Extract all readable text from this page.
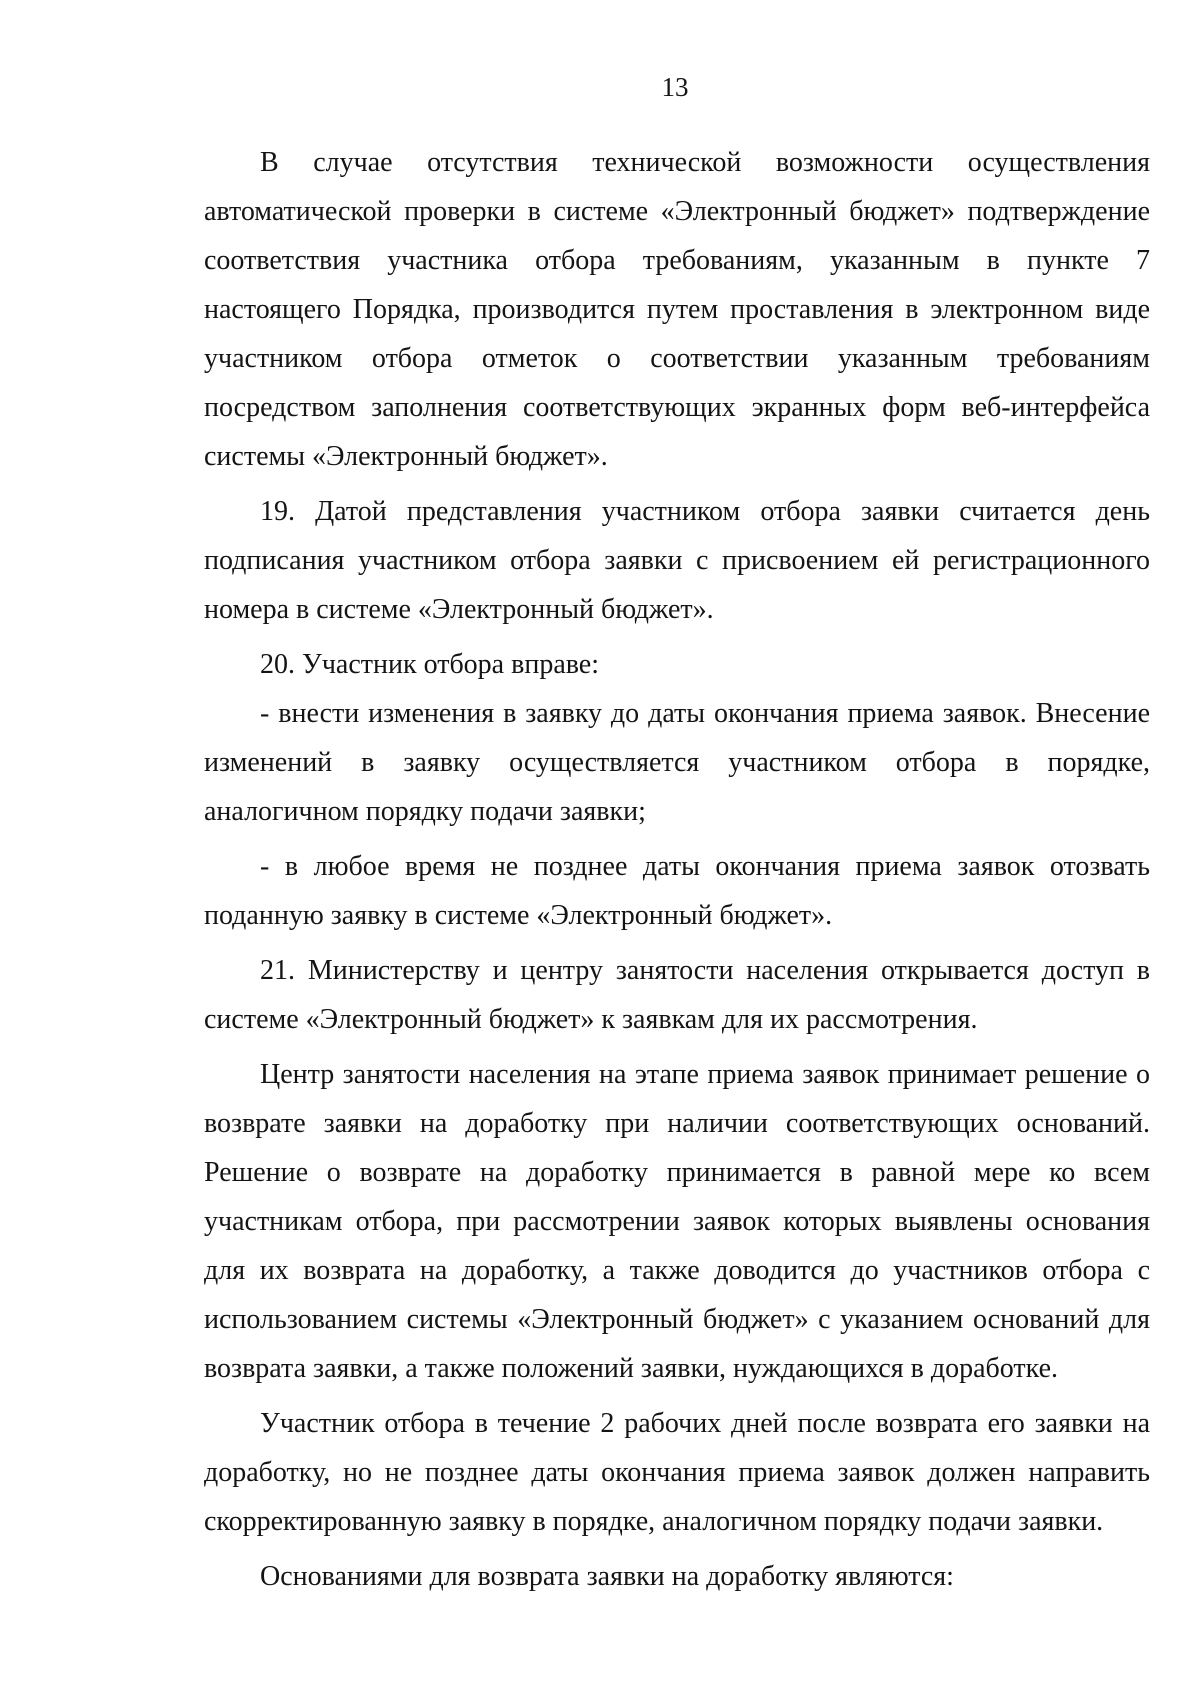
13

В случае отсутствия технической возможности осуществления автоматической проверки в системе «Электронный бюджет» подтверждение соответствия участника отбора требованиям, указанным в пункте 7 настоящего Порядка, производится путем проставления в электронном виде участником отбора отметок о соответствии указанным требованиям посредством заполнения соответствующих экранных форм веб-интерфейса системы «Электронный бюджет».

19. Датой представления участником отбора заявки считается день подписания участником отбора заявки с присвоением ей регистрационного номера в системе «Электронный бюджет».

20. Участник отбора вправе:

- внести изменения в заявку до даты окончания приема заявок. Внесение изменений в заявку осуществляется участником отбора в порядке, аналогичном порядку подачи заявки;

- в любое время не позднее даты окончания приема заявок отозвать поданную заявку в системе «Электронный бюджет».

21. Министерству и центру занятости населения открывается доступ в системе «Электронный бюджет» к заявкам для их рассмотрения.

Центр занятости населения на этапе приема заявок принимает решение о возврате заявки на доработку при наличии соответствующих оснований. Решение о возврате на доработку принимается в равной мере ко всем участникам отбора, при рассмотрении заявок которых выявлены основания для их возврата на доработку, а также доводится до участников отбора с использованием системы «Электронный бюджет» с указанием оснований для возврата заявки, а также положений заявки, нуждающихся в доработке.

Участник отбора в течение 2 рабочих дней после возврата его заявки на доработку, но не позднее даты окончания приема заявок должен направить скорректированную заявку в порядке, аналогичном порядку подачи заявки.

Основаниями для возврата заявки на доработку являются:
